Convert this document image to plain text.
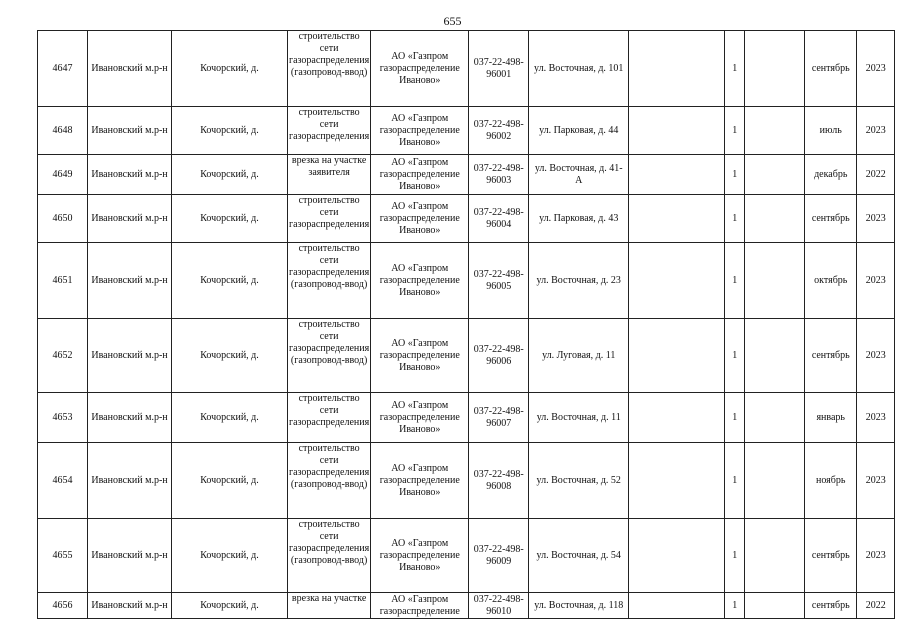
655
4647	Ивановский м.р-н	Кочорский, д.	строительство сети газораспределения (газопровод-ввод)	АО «Газпром газораспределение Иваново»	037-22-498-96001	ул. Восточная, д. 101		1		сентябрь	2023

4648	Ивановский м.р-н	Кочорский, д.	строительство сети газораспределения	АО «Газпром газораспределение Иваново»	037-22-498-96002	ул. Парковая, д. 44		1		июль	2023

4649	Ивановский м.р-н	Кочорский, д.	врезка на участке заявителя	АО «Газпром газораспределение Иваново»	037-22-498-96003	ул. Восточная, д. 41-А		1		декабрь	2022

4650	Ивановский м.р-н	Кочорский, д.	строительство сети газораспределения	АО «Газпром газораспределение Иваново»	037-22-498-96004	ул. Парковая, д. 43		1		сентябрь	2023

4651	Ивановский м.р-н	Кочорский, д.	строительство сети газораспределения (газопровод-ввод)	АО «Газпром газораспределение Иваново»	037-22-498-96005	ул. Восточная, д. 23		1		октябрь	2023

4652	Ивановский м.р-н	Кочорский, д.	строительство сети газораспределения (газопровод-ввод)	АО «Газпром газораспределение Иваново»	037-22-498-96006	ул. Луговая, д. 11		1		сентябрь	2023

4653	Ивановский м.р-н	Кочорский, д.	строительство сети газораспределения	АО «Газпром газораспределение Иваново»	037-22-498-96007	ул. Восточная, д. 11		1		январь	2023

4654	Ивановский м.р-н	Кочорский, д.	строительство сети газораспределения (газопровод-ввод)	АО «Газпром газораспределение Иваново»	037-22-498-96008	ул. Восточная, д. 52		1		ноябрь	2023

4655	Ивановский м.р-н	Кочорский, д.	строительство сети газораспределения (газопровод-ввод)	АО «Газпром газораспределение Иваново»	037-22-498-96009	ул. Восточная, д. 54		1		сентябрь	2023

4656	Ивановский м.р-н	Кочорский, д.	врезка на участке	АО «Газпром газораспределение	037-22-498-96010	ул. Восточная, д. 118		1		сентябрь	2022
